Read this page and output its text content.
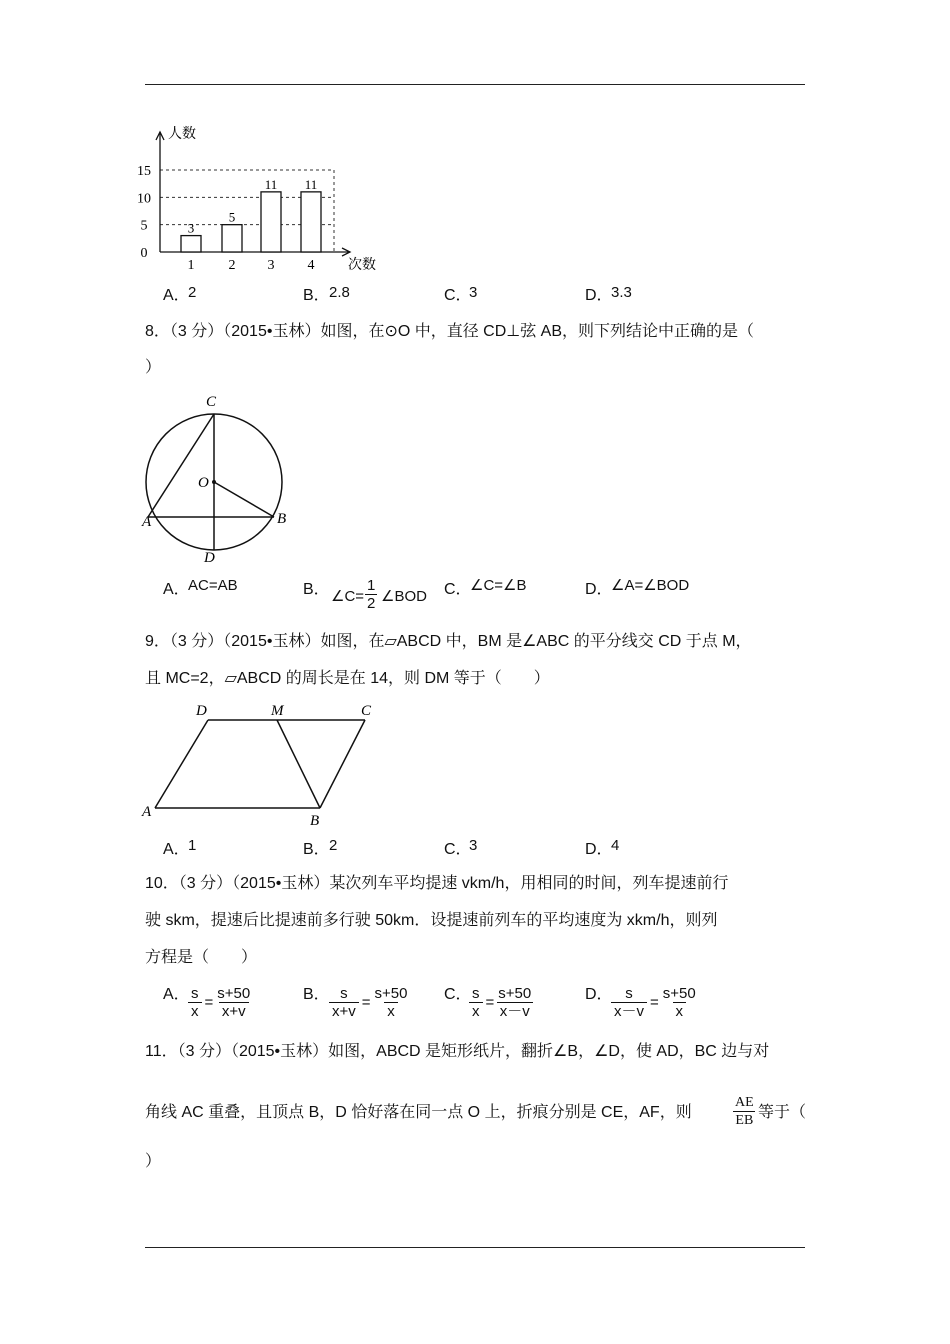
0
5
10
15
人数
次数
3
1
5
2
11
3
11
4
A．
2	B． 2.8	C．
3	D．
3.3
8．（3 分）（2015•玉林）如图，在⊙O 中，直径 CD⊥弦 AB，则下列结论中正确的是（
）
C
O
A	B
D
A．
AC=AB	B． ∠C= $\frac{1}{2}$ ∠BOD C．
∠C=∠B	D．
∠A=∠BOD
9．（3 分）（2015•玉林）如图，在▱ABCD 中，BM 是∠ABC 的平分线交 CD 于点 M，
且 MC=2，▱ABCD 的周长是在 14，则 DM 等于（　　）
D	M	C
A
B
A．
1	B． 2	C．
3	D．
4
10．（3 分）（2015•玉林）某次列车平均提速 vkm/h，用相同的时间，列车提速前行
驶 skm，提速后比提速前多行驶 50km．设提速前列车的平均速度为 xkm/h，则列
方程是（　　）
A．
$\frac{s}{x} = \frac{s+50}{x+v}$	B． $\frac{s}{x+v} = \frac{s+50}{x}$ C．
$\frac{s}{x} = \frac{s+50}{x-v}$	D．
$\frac{s}{x-v} = \frac{s+50}{x}$
11．（3 分）（2015•玉林）如图，ABCD 是矩形纸片，翻折∠B，∠D，使 AD，BC 边与对
角线 AC 重叠，且顶点 B，D 恰好落在同一点 O 上，折痕分别是 CE，AF，则	$\frac{AE}{EB}$ 等于（
）
